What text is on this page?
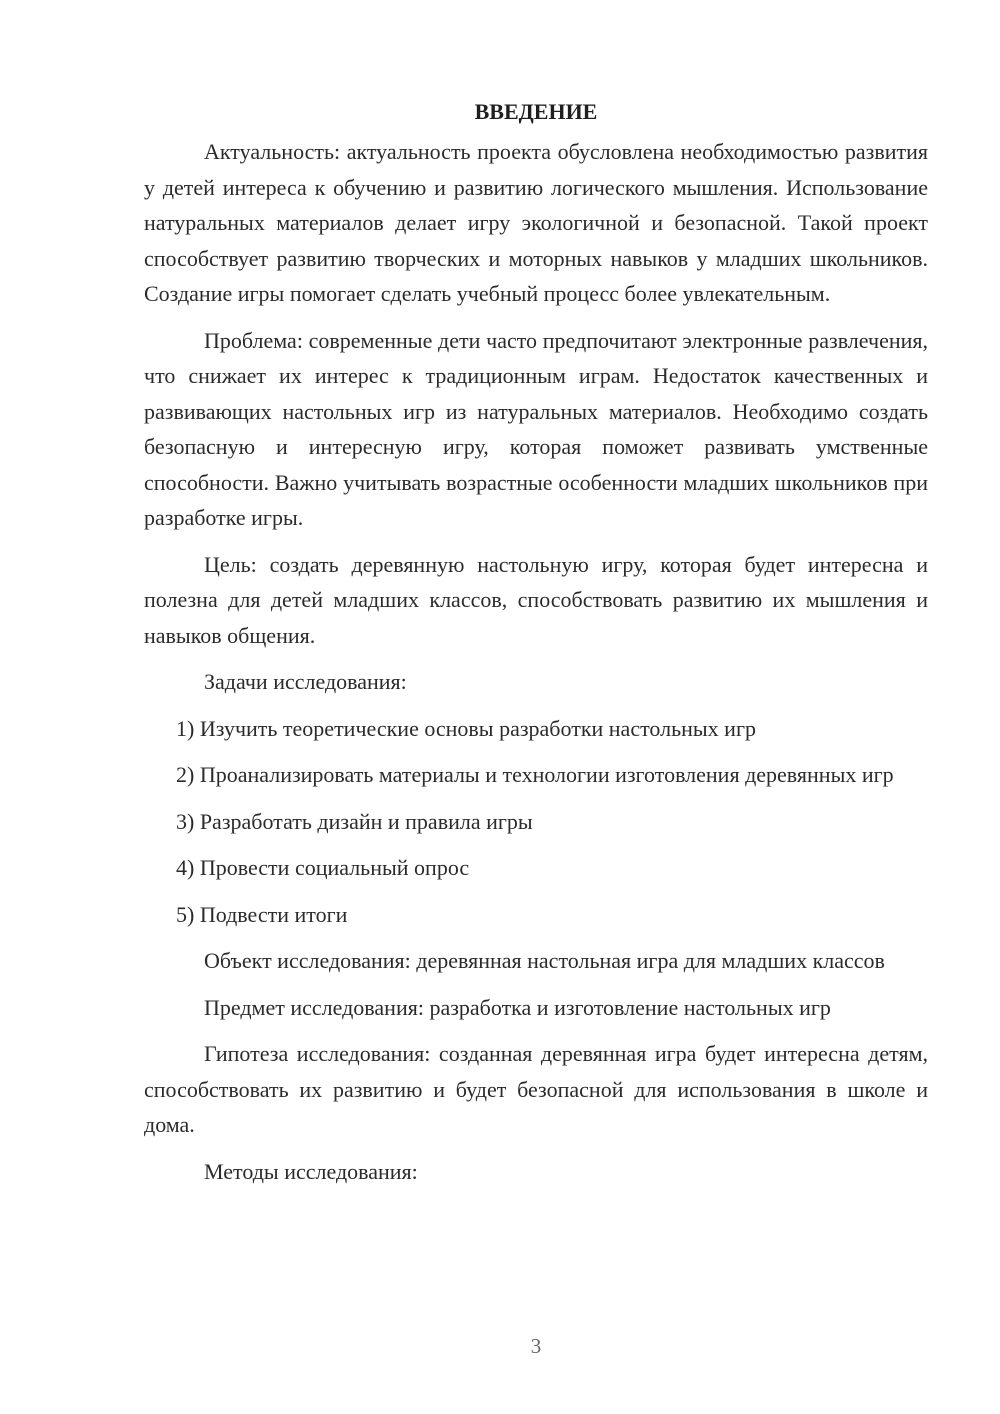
ВВЕДЕНИЕ

Актуальность: актуальность проекта обусловлена необходимостью развития у детей интереса к обучению и развитию логического мышления. Использование натуральных материалов делает игру экологичной и безопасной. Такой проект способствует развитию творческих и моторных навыков у младших школьников. Создание игры помогает сделать учебный процесс более увлекательным.

Проблема: современные дети часто предпочитают электронные развлечения, что снижает их интерес к традиционным играм. Недостаток качественных и развивающих настольных игр из натуральных материалов. Необходимо создать безопасную и интересную игру, которая поможет развивать умственные способности. Важно учитывать возрастные особенности младших школьников при разработке игры.

Цель: создать деревянную настольную игру, которая будет интересна и полезна для детей младших классов, способствовать развитию их мышления и навыков общения.

Задачи исследования:

1) Изучить теоретические основы разработки настольных игр

2) Проанализировать материалы и технологии изготовления деревянных игр

3) Разработать дизайн и правила игры

4) Провести социальный опрос

5) Подвести итоги

Объект исследования: деревянная настольная игра для младших классов

Предмет исследования: разработка и изготовление настольных игр

Гипотеза исследования: созданная деревянная игра будет интересна детям, способствовать их развитию и будет безопасной для использования в школе и дома.

Методы исследования:

3
